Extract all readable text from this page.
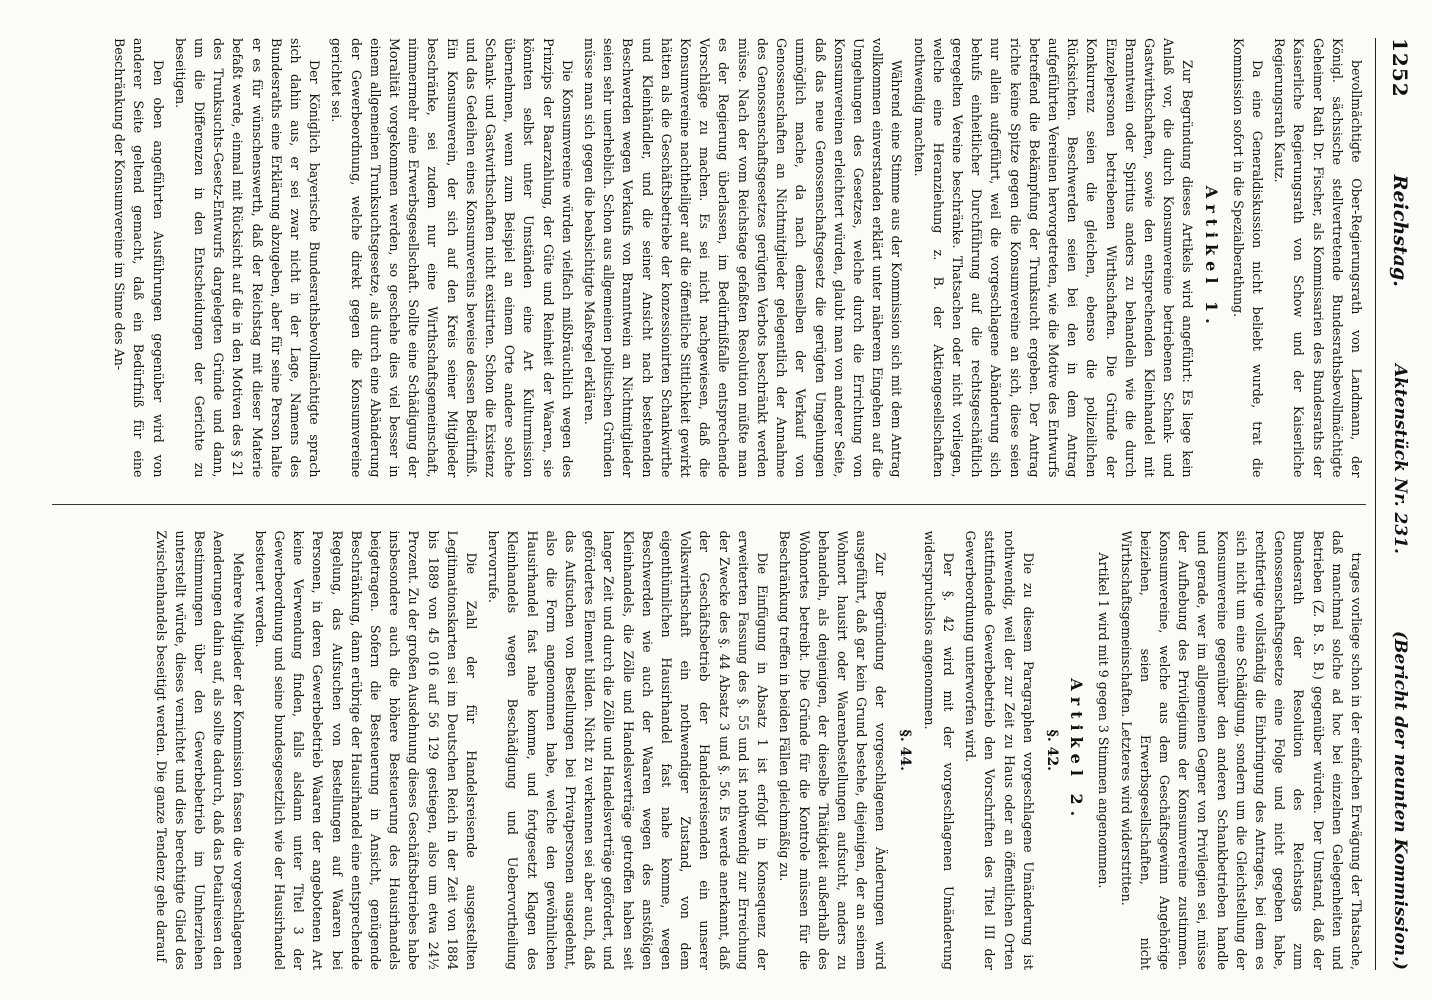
1252
Reichstag.
Aktenstück Nr. 231.
(Bericht der neunten Kommission.)

bevollmächtigte Ober-Regierungsrath von Landmann, der Königl. sächsische stellvertretende Bundesrathsbevollmächtigte Geheimer Rath Dr. Fischer, als Kommissarien des Bundesraths der Kaiserliche Regierungsrath von Schow und der Kaiserliche Regierungsrath Kautz.

Da eine Generaldiskussion nicht beliebt wurde, trat die Kommission sofort in die Spezialberathung.

Artikel 1.

Zur Begründung dieses Artikels wird angeführt: Es liege kein Anlaß vor, die durch Konsumvereine betriebenen Schank- und Gastwirthschaften, sowie den entsprechenden Kleinhandel mit Branntwein oder Spiritus anders zu behandeln wie die durch Einzelpersonen betriebenen Wirthschaften. Die Gründe der Konkurrenz seien die gleichen, ebenso die polizeilichen Rücksichten. Beschwerden seien bei den in dem Antrag aufgeführten Vereinen hervorgetreten, wie die Motive des Entwurfs betreffend die Bekämpfung der Trunksucht ergeben. Der Antrag richte keine Spitze gegen die Konsumvereine an sich, diese seien nur allein aufgeführt, weil die vorgeschlagene Abänderung sich behufs einheitlicher Durchführung auf die rechtsgeschäftlich geregelten Vereine beschränke. Thatsachen oder nicht vorliegen, welche eine Heranziehung z. B. der Aktiengesellschaften nothwendig machten.

Während eine Stimme aus der Kommission sich mit dem Antrag vollkommen einverstanden erklärt unter näherem Eingehen auf die Umgehungen des Gesetzes, welche durch die Errichtung von Konsumvereinen erleichtert würden, glaubt man von anderer Seite, daß das neue Genossenschaftsgesetz die gerügten Umgehungen unmöglich mache, da nach demselben der Verkauf von Genossenschaften an Nichtmitglieder gelegentlich der Annahme des Genossenschaftsgesetzes gerügten Verbots beschränkt werden müsse. Nach der vom Reichstage gefaßten Resolution müßte man es der Regierung überlassen, im Bedürfnißfalle entsprechende Vorschläge zu machen. Es sei nicht nachgewiesen, daß die Konsumvereine nachtheiliger auf die öffentliche Sittlichkeit gewirkt hätten als die Geschäftsbetriebe der konzessionirten Schankwirthe und Kleinhändler, und die seiner Ansicht nach bestehenden Beschwerden wegen Verkaufs von Branntwein an Nichtmitglieder seien sehr unerheblich. Schon aus allgemeinen politischen Gründen müsse man sich gegen die beabsichtigte Maßregel erklären.

Die Konsumvereine würden vielfach mißbräuchlich wegen des Prinzips der Baarzahlung, der Güte und Reinheit der Waaren, sie könnten selbst unter Umständen eine Art Kulturmission übernehmen, wenn zum Beispiel an einem Orte andere solche Schank- und Gastwirthschaften nicht existirten. Schon die Existenz und das Gedeihen eines Konsumvereins beweise dessen Bedürfniß. Ein Konsumverein, der sich auf den Kreis seiner Mitglieder beschränke, sei zudem nur eine Wirthschaftsgemeinschaft, nimmermehr eine Erwerbsgesellschaft. Sollte eine Schädigung der Moralität vorgekommen werden, so geschehe dies viel besser in einem allgemeinen Trunksuchtsgesetze, als durch eine Abänderung der Gewerbeordnung, welche direkt gegen die Konsumvereine gerichtet sei.

Der Königlich bayerische Bundesrathsbevollmächtigte sprach sich dahin aus, er sei zwar nicht in der Lage, Namens des Bundesraths eine Erklärung abzugeben, aber für seine Person halte er es für wünschenswerth, daß der Reichstag mit dieser Materie befaßt werde, einmal mit Rücksicht auf die in den Motiven des § 21 des Trunksuchts-Gesetz-Entwurfs dargelegten Gründe und dann, um die Differenzen in den Entscheidungen der Gerichte zu beseitigen.

Den oben angeführten Ausführungen gegenüber wird von anderer Seite geltend gemacht, daß ein Bedürfniß für eine Beschränkung der Konsumvereine im Sinne des An-

trages vorliege schon in der einfachen Erwägung der Thatsache, daß manchmal solche ad hoc bei einzelnen Gelegenheiten und Betrieben (Z. B. S. B.) gegenüber würden. Der Umstand, daß der Bundesrath der Resolution des Reichstags zum Genossenschaftsgesetze eine Folge und nicht gegeben habe, rechtfertige vollständig die Einbringung des Antrages, bei dem es sich nicht um eine Schädigung, sondern um die Gleichstellung der Konsumvereine gegenüber den anderen Schankbetrieben handle und gerade, wer im allgemeinen Gegner von Privilegien sei, müsse der Aufhebung des Privilegiums der Konsumvereine zustimmen. Konsumvereine, welche aus dem Geschäftsgewinn Angehörige beiziehen, seien Erwerbsgesellschaften, nicht Wirthschaftsgemeinschaften. Letzteres wird widerstritten.

Artikel 1 wird mit 9 gegen 3 Stimmen angenommen.

Artikel 2.
§. 42.

Die zu diesem Paragraphen vorgeschlagene Umänderung ist nothwendig, weil der zur Zeit zu Haus oder an öffentlichen Orten stattfindende Gewerbebetrieb den Vorschriften des Titel III der Gewerbeordnung unterworfen wird.

Der §. 42 wird mit der vorgeschlagenen Umänderung widerspruchslos angenommen.

§. 44.

Zur Begründung der vorgeschlagenen Änderungen wird ausgeführt, daß gar kein Grund bestehe, diejenigen, der an seinem Wohnort hausirt oder Waarenbestellungen aufsucht, anders zu behandeln, als denjenigen, der dieselbe Thätigkeit außerhalb des Wohnortes betreibt. Die Gründe für die Kontrole müssen für die Beschränkung treffen in beiden Fällen gleichmäßig zu.

Die Einfügung in Absatz 1 ist erfolgt in Konsequenz der erweiterten Fassung des §. 55 und ist nothwendig zur Erreichung der Zwecke des §. 44 Absatz 3 und §. 56. Es werde anerkannt, daß der Geschäftsbetrieb der Handelsreisenden ein unserer Volkswirthschaft ein nothwendiger Zustand, von dem eigenthümlichen Hausirhandel fast nahe komme, wegen Beschwerden wie auch der Waaren wegen des anstößigen Kleinhandels, die Zölle und Handelsverträge getroffen haben seit langer Zeit und durch die Zölle und Handelsverträge gefördert, und gefördertes Element bilden. Nicht zu verkennen sei aber auch, daß das Aufsuchen von Bestellungen bei Privatpersonen ausgedehnt, also die Form angenommen habe, welche den gewöhnlichen Hausirhandel fast nahe komme, und fortgesetzt Klagen des Kleinhandels wegen Beschädigung und Uebervortheilung hervorrufe.

Die Zahl der für Handelsreisende ausgestellten Legitimationskarten sei im Deutschen Reich in der Zeit von 1884 bis 1889 von 45 016 auf 56 129 gestiegen, also um etwa 24½ Prozent. Zu der großen Ausdehnung dieses Geschäftsbetriebes habe insbesondere auch die höhere Besteuerung des Hausirhandels beigetragen. Sofern die Besteuerung in Ansicht, genügende Beschränkung, dann erübrige der Hausirhandel eine entsprechende Regelung, das Aufsuchen von Bestellungen auf Waaren bei Personen, in deren Gewerbebetrieb Waaren der angebotenen Art keine Verwendung finden, falls alsdann unter Titel 3 der Gewerbeordnung und seine bundesgesetzlich wie der Hausirhandel besteuert werden.

Mehrere Mitglieder der Kommission fassen die vorgeschlagenen Aenderungen dahin auf, als sollte dadurch, daß das Detailreisen den Bestimmungen über den Gewerbebetrieb im Umherziehen unterstellt würde, dieses vernichtet und dies berechtigte Glied des Zwischenhandels beseitigt werden. Die ganze Tendenz gehe darauf
